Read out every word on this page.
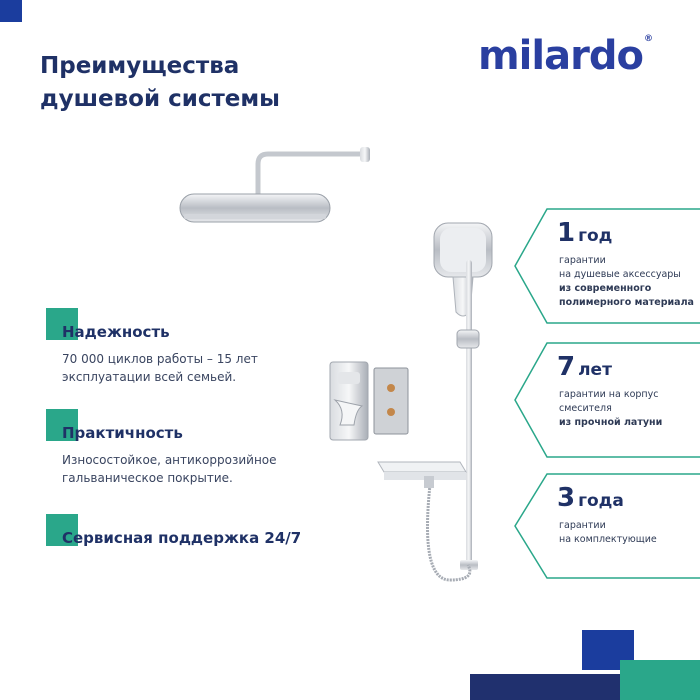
Преимущества
душевой системы
milardo®
Надежность
70 000 циклов работы – 15 лет
эксплуатации всей семьей.
Практичность
Износостойкое, антикоррозийное
гальваническое покрытие.
Сервисная поддержка 24/7
1 год
гарантии
на душевые аксессуары
из современного
полимерного материала
7 лет
гарантии на корпус
смесителя
из прочной латуни
3 года
гарантии
на комплектующие
